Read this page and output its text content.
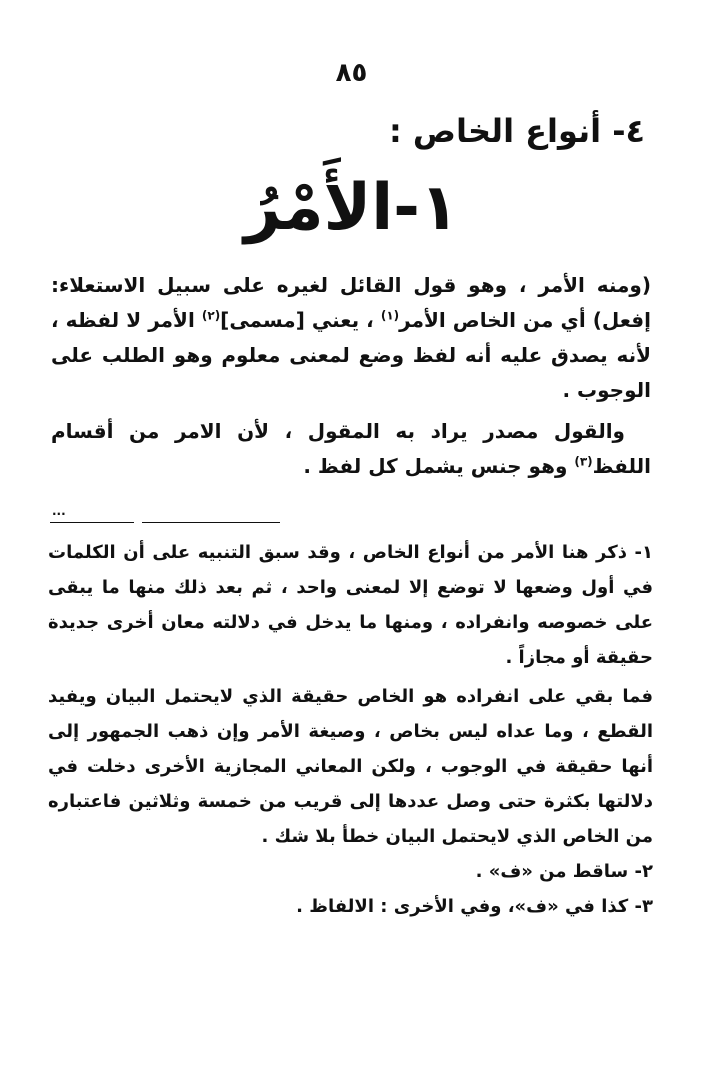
٨٥
٤- أنواع الخاص :
١-الأَمْرُ

(ومنه الأمر ، وهو قول القائل لغيره على سبيل الاستعلاء: إفعل) أي من الخاص الأمر$^{(١)}$ ، يعني [مسمى]$^{(٢)}$ الأمر لا لفظه ، لأنه يصدق عليه أنه لفظ وضع لمعنى معلوم وهو الطلب على الوجوب .

والقول مصدر يراد به المقول ، لأن الامر من أقسام اللفظ$^{(٣)}$ وهو جنس يشمل كل لفظ .

...

١- ذكر هنا الأمر من أنواع الخاص ، وقد سبق التنبيه على أن الكلمات في أول وضعها لا توضع إلا لمعنى واحد ، ثم بعد ذلك منها ما يبقى على خصوصه وانفراده ، ومنها ما يدخل في دلالته معان أخرى جديدة حقيقة أو مجازاً .

فما بقي على انفراده هو الخاص حقيقة الذي لايحتمل البيان ويفيد القطع ، وما عداه ليس بخاص ، وصيغة الأمر وإن ذهب الجمهور إلى أنها حقيقة في الوجوب ، ولكن المعاني المجازية الأخرى دخلت في دلالتها بكثرة حتى وصل عددها إلى قريب من خمسة وثلاثين فاعتباره من الخاص الذي لايحتمل البيان خطأ بلا شك .

٢- ساقط من «ف» .

٣- كذا في «ف»، وفي الأخرى : الالفاظ .
